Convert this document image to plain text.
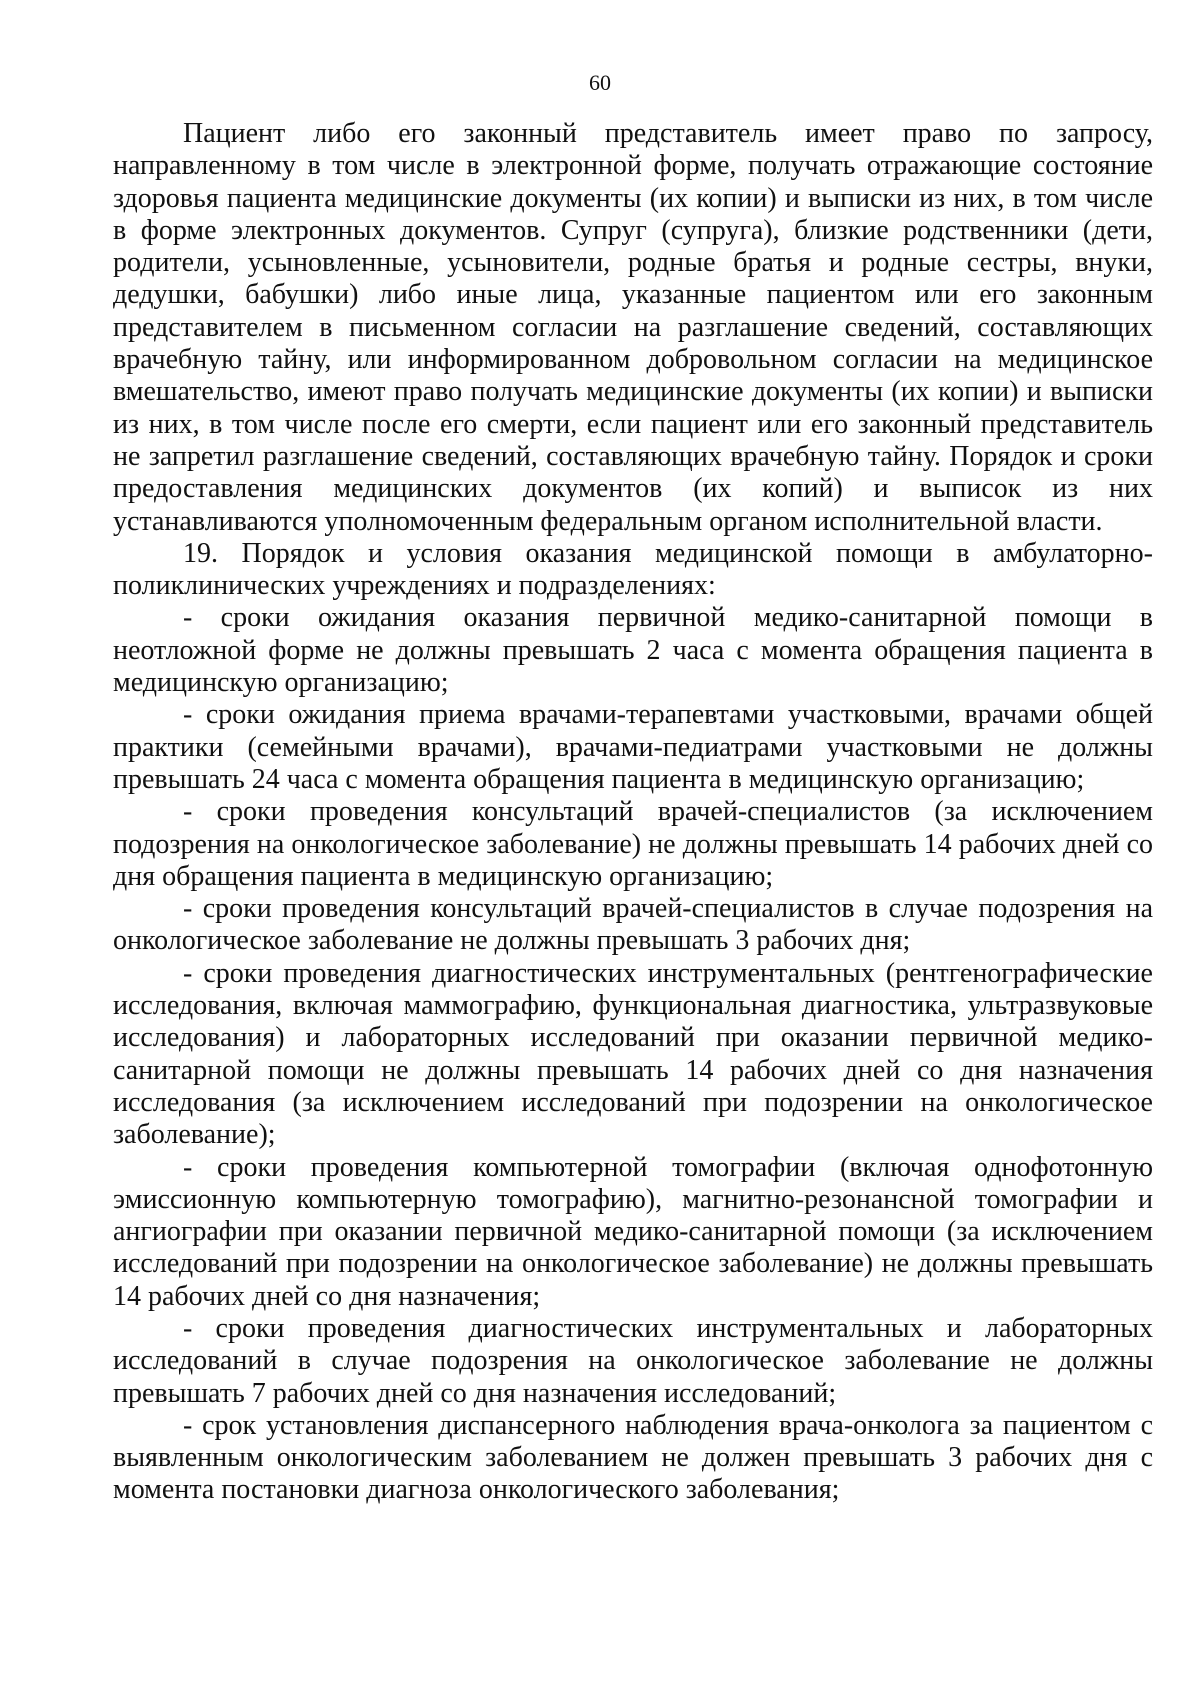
60

Пациент либо его законный представитель имеет право по запросу, направленному в том числе в электронной форме, получать отражающие состояние здоровья пациента медицинские документы (их копии) и выписки из них, в том числе в форме электронных документов. Супруг (супруга), близкие родственники (дети, родители, усыновленные, усыновители, родные братья и родные сестры, внуки, дедушки, бабушки) либо иные лица, указанные пациентом или его законным представителем в письменном согласии на разглашение сведений, составляющих врачебную тайну, или информированном добровольном согласии на медицинское вмешательство, имеют право получать медицинские документы (их копии) и выписки из них, в том числе после его смерти, если пациент или его законный представитель не запретил разглашение сведений, составляющих врачебную тайну. Порядок и сроки предоставления медицинских документов (их копий) и выписок из них устанавливаются уполномоченным федеральным органом исполнительной власти.

19. Порядок и условия оказания медицинской помощи в амбулаторно-поликлинических учреждениях и подразделениях:

- сроки ожидания оказания первичной медико-санитарной помощи в неотложной форме не должны превышать 2 часа с момента обращения пациента в медицинскую организацию;

- сроки ожидания приема врачами-терапевтами участковыми, врачами общей практики (семейными врачами), врачами-педиатрами участковыми не должны превышать 24 часа с момента обращения пациента в медицинскую организацию;

- сроки проведения консультаций врачей-специалистов (за исключением подозрения на онкологическое заболевание) не должны превышать 14 рабочих дней со дня обращения пациента в медицинскую организацию;

- сроки проведения консультаций врачей-специалистов в случае подозрения на онкологическое заболевание не должны превышать 3 рабочих дня;

- сроки проведения диагностических инструментальных (рентгенографические исследования, включая маммографию, функциональная диагностика, ультразвуковые исследования) и лабораторных исследований при оказании первичной медико-санитарной помощи не должны превышать 14 рабочих дней со дня назначения исследования (за исключением исследований при подозрении на онкологическое заболевание);

- сроки проведения компьютерной томографии (включая однофотонную эмиссионную компьютерную томографию), магнитно-резонансной томографии и ангиографии при оказании первичной медико-санитарной помощи (за исключением исследований при подозрении на онкологическое заболевание) не должны превышать 14 рабочих дней со дня назначения;

- сроки проведения диагностических инструментальных и лабораторных исследований в случае подозрения на онкологическое заболевание не должны превышать 7 рабочих дней со дня назначения исследований;

- срок установления диспансерного наблюдения врача-онколога за пациентом с выявленным онкологическим заболеванием не должен превышать 3 рабочих дня с момента постановки диагноза онкологического заболевания;
